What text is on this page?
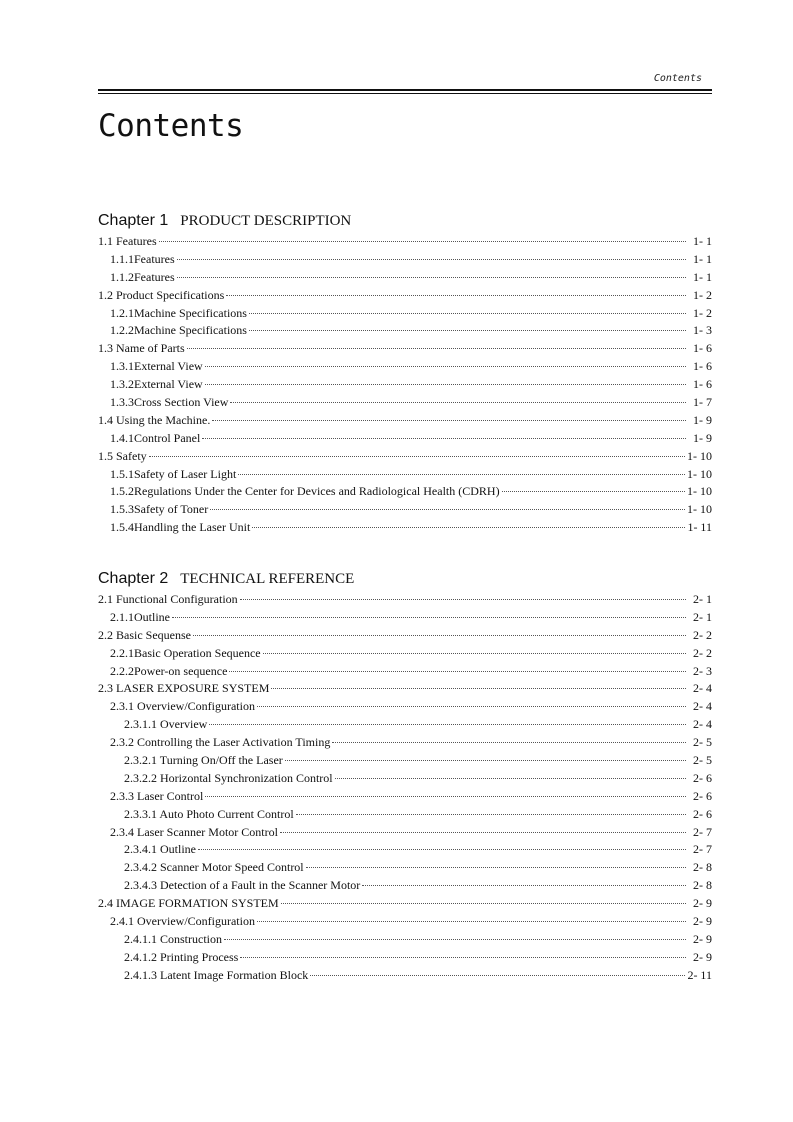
Contents
Contents
Chapter 1 PRODUCT DESCRIPTION
1.1 Features	1- 1
1.1.1Features	1- 1
1.1.2Features	1- 1
1.2 Product Specifications	1- 2
1.2.1Machine Specifications	1- 2
1.2.2Machine Specifications	1- 3
1.3 Name of Parts	1- 6
1.3.1External View	1- 6
1.3.2External View	1- 6
1.3.3Cross Section View	1- 7
1.4 Using the Machine.	1- 9
1.4.1Control Panel	1- 9
1.5 Safety	1- 10
1.5.1Safety of Laser Light	1- 10
1.5.2Regulations Under the Center for Devices and Radiological Health (CDRH)	1- 10
1.5.3Safety of Toner	1- 10
1.5.4Handling the Laser Unit	1- 11
Chapter 2 TECHNICAL REFERENCE
2.1 Functional Configuration	2- 1
2.1.1Outline	2- 1
2.2 Basic Sequense	2- 2
2.2.1Basic Operation Sequence	2- 2
2.2.2Power-on sequence	2- 3
2.3 LASER EXPOSURE SYSTEM	2- 4
2.3.1 Overview/Configuration	2- 4
2.3.1.1 Overview	2- 4
2.3.2 Controlling the Laser Activation Timing	2- 5
2.3.2.1 Turning On/Off the Laser	2- 5
2.3.2.2 Horizontal Synchronization Control	2- 6
2.3.3 Laser Control	2- 6
2.3.3.1 Auto Photo Current Control	2- 6
2.3.4 Laser Scanner Motor Control	2- 7
2.3.4.1 Outline	2- 7
2.3.4.2 Scanner Motor Speed Control	2- 8
2.3.4.3 Detection of a Fault in the Scanner Motor	2- 8
2.4 IMAGE FORMATION SYSTEM	2- 9
2.4.1 Overview/Configuration	2- 9
2.4.1.1 Construction	2- 9
2.4.1.2 Printing Process	2- 9
2.4.1.3 Latent Image Formation Block	2- 11
